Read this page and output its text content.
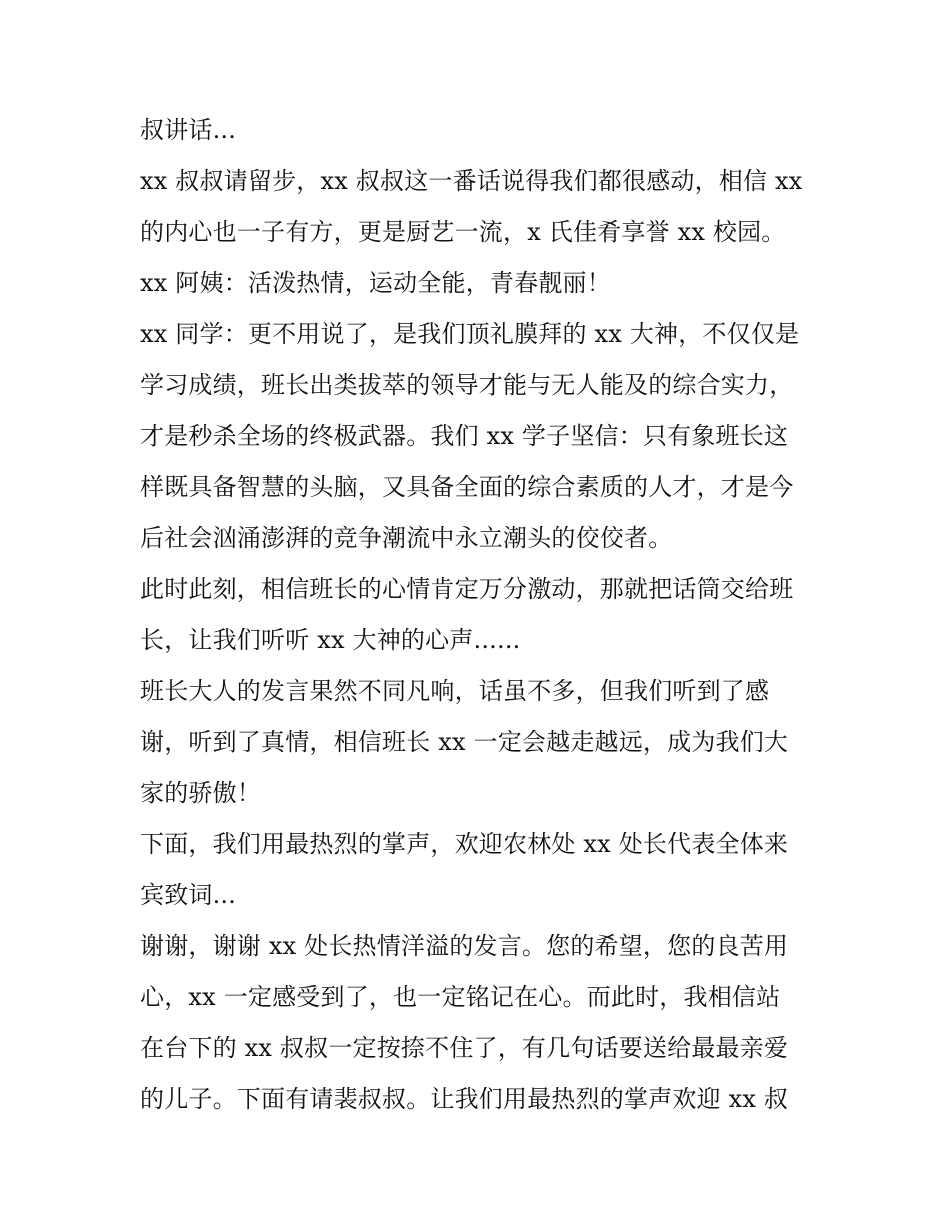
叔讲话...
xx 叔叔请留步，xx 叔叔这一番话说得我们都很感动，相信 xx
的内心也一子有方，更是厨艺一流，x 氏佳肴享誉 xx 校园。
xx 阿姨：活泼热情，运动全能，青春靓丽！
xx 同学：更不用说了，是我们顶礼膜拜的 xx 大神，不仅仅是
学习成绩，班长出类拔萃的领导才能与无人能及的综合实力，
才是秒杀全场的终极武器。我们 xx 学子坚信：只有象班长这
样既具备智慧的头脑，又具备全面的综合素质的人才，才是今
后社会汹涌澎湃的竞争潮流中永立潮头的佼佼者。
此时此刻，相信班长的心情肯定万分激动，那就把话筒交给班
长，让我们听听 xx 大神的心声......
班长大人的发言果然不同凡响，话虽不多，但我们听到了感
谢，听到了真情，相信班长 xx 一定会越走越远，成为我们大
家的骄傲！
下面，我们用最热烈的掌声，欢迎农林处 xx 处长代表全体来
宾致词...
谢谢，谢谢 xx 处长热情洋溢的发言。您的希望，您的良苦用
心，xx 一定感受到了，也一定铭记在心。而此时，我相信站
在台下的 xx 叔叔一定按捺不住了，有几句话要送给最最亲爱
的儿子。下面有请裴叔叔。让我们用最热烈的掌声欢迎 xx 叔
